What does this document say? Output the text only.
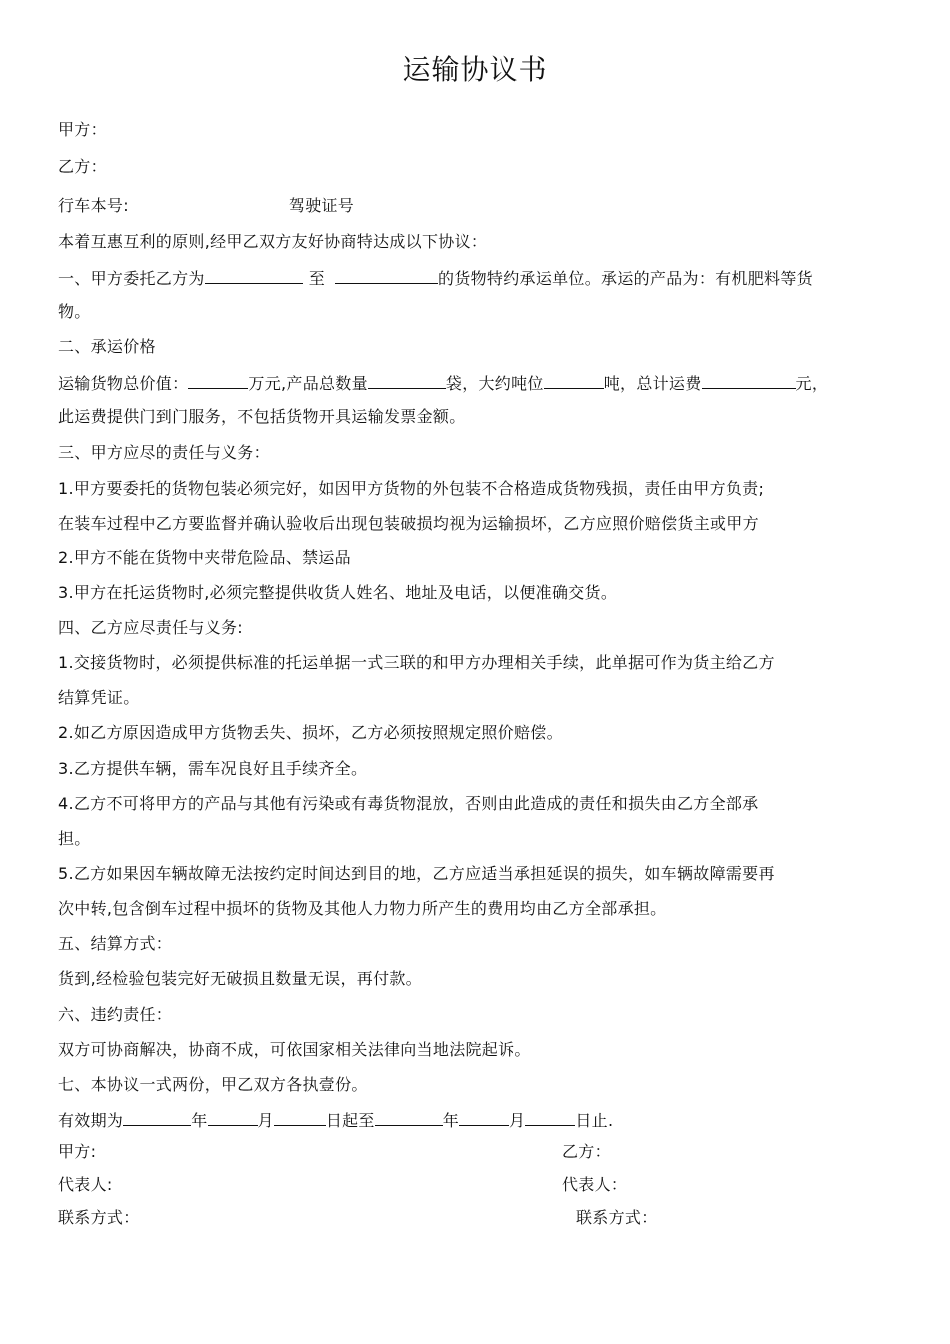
运输协议书
甲方：
乙方：
行车本号:	驾驶证号
本着互惠互利的原则,经甲乙双方友好协商特达成以下协议：
一、甲方委托乙方为	至	的货物特约承运单位。承运的产品为：有机肥料等货
物。
二、承运价格
运输货物总价值：	万元,产品总数量	袋，大约吨位	吨，总计运费	元，
此运费提供门到门服务，不包括货物开具运输发票金额。
三、甲方应尽的责任与义务：
1.甲方要委托的货物包装必须完好，如因甲方货物的外包装不合格造成货物残损，责任由甲方负责;
在装车过程中乙方要监督并确认验收后出现包装破损均视为运输损坏，乙方应照价赔偿货主或甲方
2.甲方不能在货物中夹带危险品、禁运品
3.甲方在托运货物时,必须完整提供收货人姓名、地址及电话，以便准确交货。
四、乙方应尽责任与义务:
1.交接货物时，必须提供标准的托运单据一式三联的和甲方办理相关手续，此单据可作为货主给乙方
结算凭证。
2.如乙方原因造成甲方货物丢失、损坏，乙方必须按照规定照价赔偿。
3.乙方提供车辆，需车况良好且手续齐全。
4.乙方不可将甲方的产品与其他有污染或有毒货物混放，否则由此造成的责任和损失由乙方全部承
担。
5.乙方如果因车辆故障无法按约定时间达到目的地，乙方应适当承担延误的损失，如车辆故障需要再
次中转,包含倒车过程中损坏的货物及其他人力物力所产生的费用均由乙方全部承担。
五、结算方式：
货到,经检验包装完好无破损且数量无误，再付款。
六、违约责任：
双方可协商解决，协商不成，可依国家相关法律向当地法院起诉。
七、本协议一式两份，甲乙双方各执壹份。
有效期为	年	月	日起至	年	月	日止.
甲方:	乙方：
代表人:	代表人：
联系方式：	联系方式：
